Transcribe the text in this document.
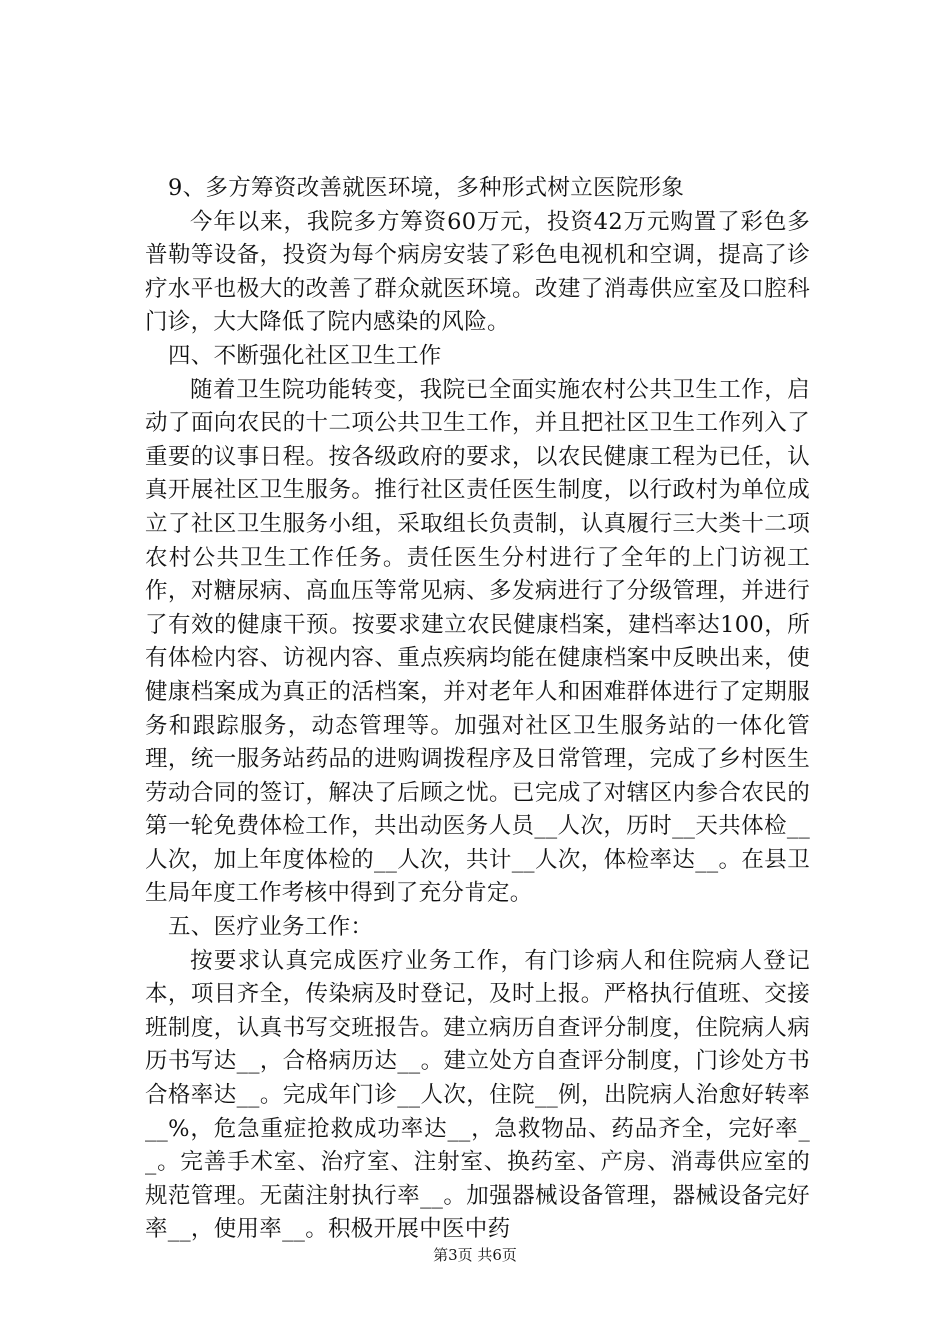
9、多方筹资改善就医环境，多种形式树立医院形象

今年以来，我院多方筹资60万元，投资42万元购置了彩色多普勒等设备，投资为每个病房安装了彩色电视机和空调，提高了诊疗水平也极大的改善了群众就医环境。改建了消毒供应室及口腔科门诊，大大降低了院内感染的风险。

四、不断强化社区卫生工作

随着卫生院功能转变，我院已全面实施农村公共卫生工作，启动了面向农民的十二项公共卫生工作，并且把社区卫生工作列入了重要的议事日程。按各级政府的要求，以农民健康工程为已任，认真开展社区卫生服务。推行社区责任医生制度，以行政村为单位成立了社区卫生服务小组，采取组长负责制，认真履行三大类十二项农村公共卫生工作任务。责任医生分村进行了全年的上门访视工作，对糖尿病、高血压等常见病、多发病进行了分级管理，并进行了有效的健康干预。按要求建立农民健康档案，建档率达100，所有体检内容、访视内容、重点疾病均能在健康档案中反映出来，使健康档案成为真正的活档案，并对老年人和困难群体进行了定期服务和跟踪服务，动态管理等。加强对社区卫生服务站的一体化管理，统一服务站药品的进购调拨程序及日常管理，完成了乡村医生劳动合同的签订，解决了后顾之忧。已完成了对辖区内参合农民的第一轮免费体检工作，共出动医务人员__人次，历时__天共体检__人次，加上年度体检的__人次，共计__人次，体检率达__。在县卫生局年度工作考核中得到了充分肯定。

五、医疗业务工作：

按要求认真完成医疗业务工作，有门诊病人和住院病人登记本，项目齐全，传染病及时登记，及时上报。严格执行值班、交接班制度，认真书写交班报告。建立病历自查评分制度，住院病人病历书写达__，合格病历达__。建立处方自查评分制度，门诊处方书合格率达__。完成年门诊__人次，住院__例，出院病人治愈好转率__%，危急重症抢救成功率达__，急救物品、药品齐全，完好率__。完善手术室、治疗室、注射室、换药室、产房、消毒供应室的规范管理。无菌注射执行率__。加强器械设备管理，器械设备完好率__，使用率__。积极开展中医中药

第3页 共6页
